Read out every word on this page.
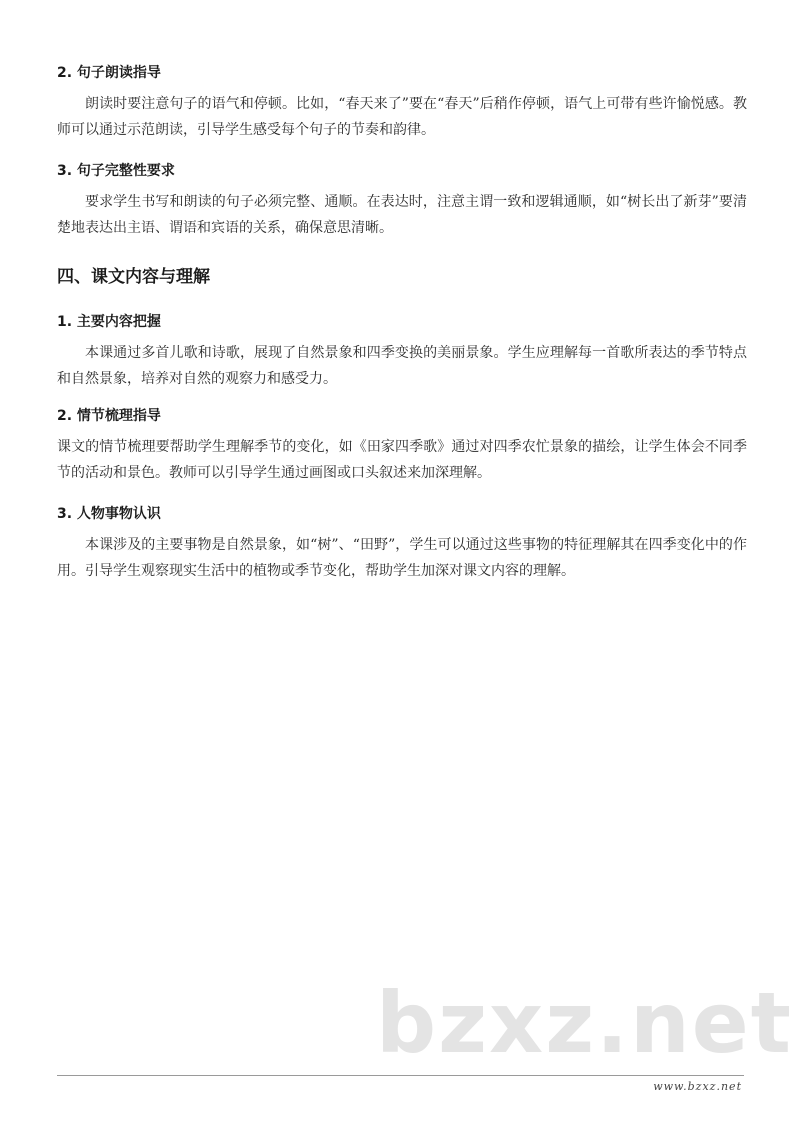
2. 句子朗读指导
朗读时要注意句子的语气和停顿。比如，“春天来了”要在“春天”后稍作停顿，语气上可带有些许愉悦感。教师可以通过示范朗读，引导学生感受每个句子的节奏和韵律。
3. 句子完整性要求
要求学生书写和朗读的句子必须完整、通顺。在表达时，注意主谓一致和逻辑通顺，如“树长出了新芽”要清楚地表达出主语、谓语和宾语的关系，确保意思清晰。
四、课文内容与理解
1. 主要内容把握
本课通过多首儿歌和诗歌，展现了自然景象和四季变换的美丽景象。学生应理解每一首歌所表达的季节特点和自然景象，培养对自然的观察力和感受力。
2. 情节梳理指导
课文的情节梳理要帮助学生理解季节的变化，如《田家四季歌》通过对四季农忙景象的描绘，让学生体会不同季节的活动和景色。教师可以引导学生通过画图或口头叙述来加深理解。
3. 人物事物认识
本课涉及的主要事物是自然景象，如“树”、“田野”，学生可以通过这些事物的特征理解其在四季变化中的作用。引导学生观察现实生活中的植物或季节变化，帮助学生加深对课文内容的理解。
bzxz.net
www.bzxz.net
